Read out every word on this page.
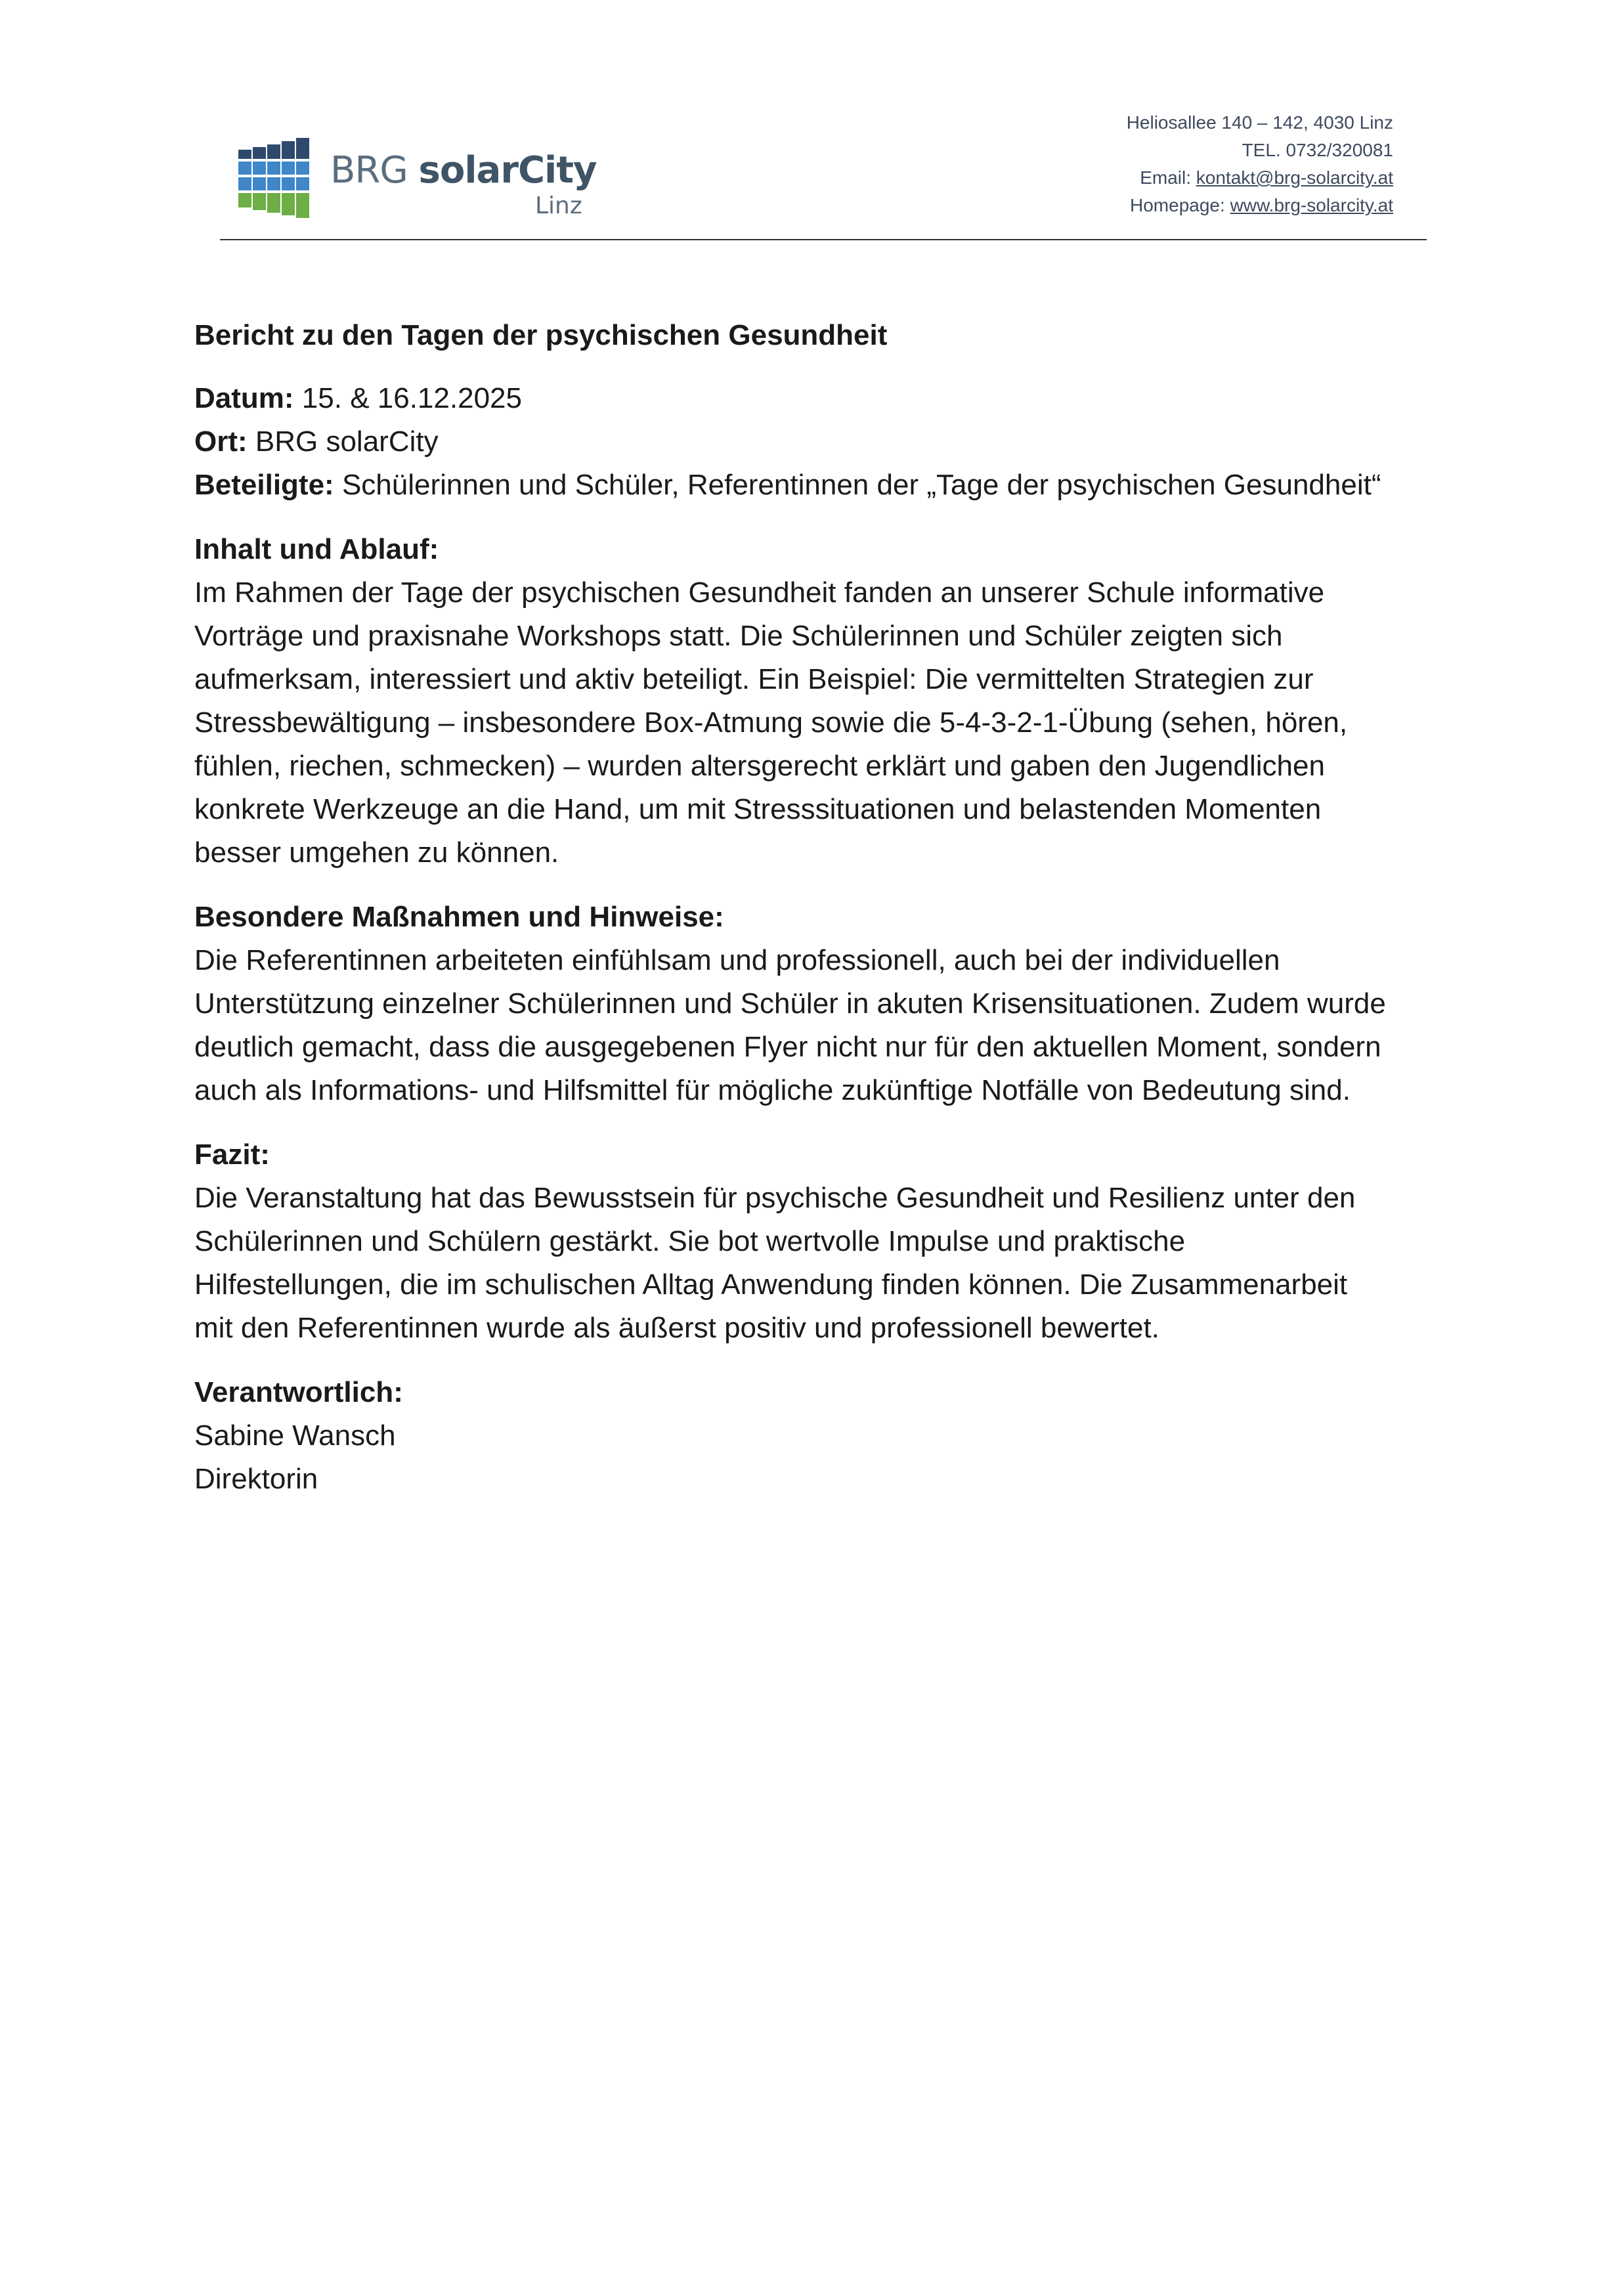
BRG solarCity
Linz
Heliosallee 140 – 142, 4030 Linz
TEL. 0732/320081
Email: kontakt@brg-solarcity.at
Homepage: www.brg-solarcity.at

Bericht zu den Tagen der psychischen Gesundheit

Datum: 15. & 16.12.2025
Ort: BRG solarCity
Beteiligte: Schülerinnen und Schüler, Referentinnen der „Tage der psychischen Gesundheit“

Inhalt und Ablauf:
Im Rahmen der Tage der psychischen Gesundheit fanden an unserer Schule informative
Vorträge und praxisnahe Workshops statt. Die Schülerinnen und Schüler zeigten sich
aufmerksam, interessiert und aktiv beteiligt. Ein Beispiel: Die vermittelten Strategien zur
Stressbewältigung – insbesondere Box-Atmung sowie die 5-4-3-2-1-Übung (sehen, hören,
fühlen, riechen, schmecken) – wurden altersgerecht erklärt und gaben den Jugendlichen
konkrete Werkzeuge an die Hand, um mit Stresssituationen und belastenden Momenten
besser umgehen zu können.

Besondere Maßnahmen und Hinweise:
Die Referentinnen arbeiteten einfühlsam und professionell, auch bei der individuellen
Unterstützung einzelner Schülerinnen und Schüler in akuten Krisensituationen. Zudem wurde
deutlich gemacht, dass die ausgegebenen Flyer nicht nur für den aktuellen Moment, sondern
auch als Informations- und Hilfsmittel für mögliche zukünftige Notfälle von Bedeutung sind.

Fazit:
Die Veranstaltung hat das Bewusstsein für psychische Gesundheit und Resilienz unter den
Schülerinnen und Schülern gestärkt. Sie bot wertvolle Impulse und praktische
Hilfestellungen, die im schulischen Alltag Anwendung finden können. Die Zusammenarbeit
mit den Referentinnen wurde als äußerst positiv und professionell bewertet.

Verantwortlich:
Sabine Wansch
Direktorin
